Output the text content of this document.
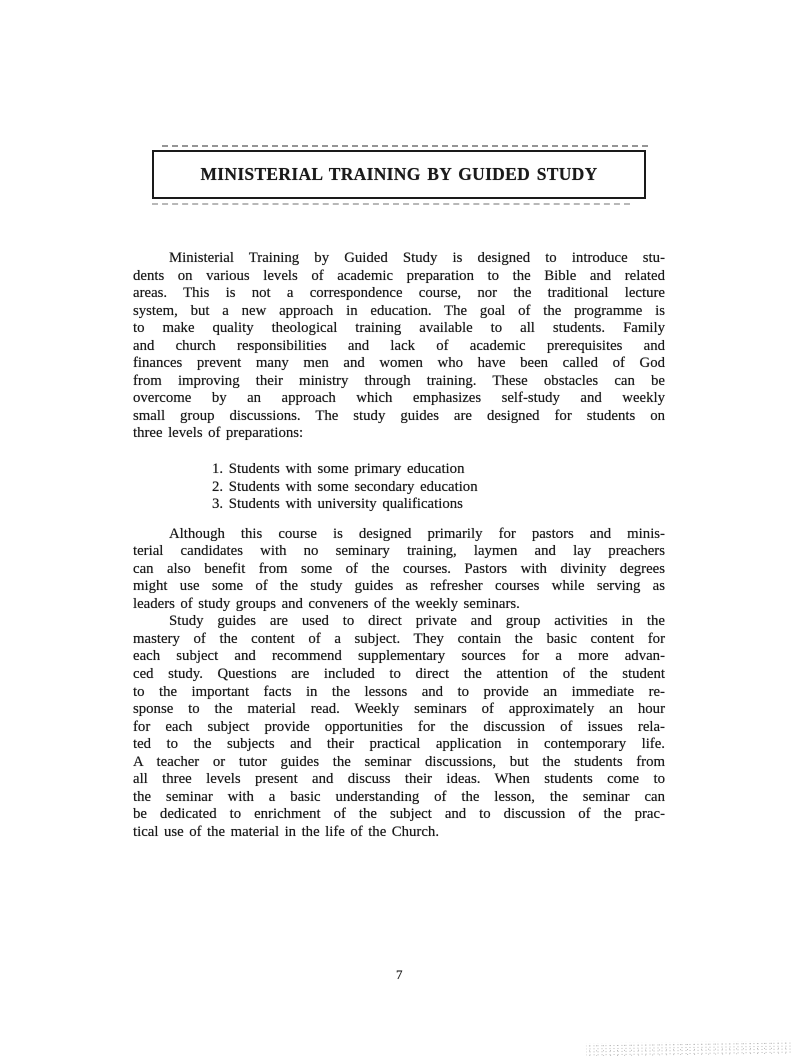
MINISTERIAL TRAINING BY GUIDED STUDY
Ministerial Training by Guided Study is designed to introduce stu-
dents on various levels of academic preparation to the Bible and related
areas. This is not a correspondence course, nor the traditional lecture
system, but a new approach in education. The goal of the programme is
to make quality theological training available to all students. Family
and church responsibilities and lack of academic prerequisites and
finances prevent many men and women who have been called of God
from improving their ministry through training. These obstacles can be
overcome by an approach which emphasizes self-study and weekly
small group discussions. The study guides are designed for students on
three levels of preparations:
1. Students with some primary education
2. Students with some secondary education
3. Students with university qualifications
Although this course is designed primarily for pastors and minis-
terial candidates with no seminary training, laymen and lay preachers
can also benefit from some of the courses. Pastors with divinity degrees
might use some of the study guides as refresher courses while serving as
leaders of study groups and conveners of the weekly seminars.
Study guides are used to direct private and group activities in the
mastery of the content of a subject. They contain the basic content for
each subject and recommend supplementary sources for a more advan-
ced study. Questions are included to direct the attention of the student
to the important facts in the lessons and to provide an immediate re-
sponse to the material read. Weekly seminars of approximately an hour
for each subject provide opportunities for the discussion of issues rela-
ted to the subjects and their practical application in contemporary life.
A teacher or tutor guides the seminar discussions, but the students from
all three levels present and discuss their ideas. When students come to
the seminar with a basic understanding of the lesson, the seminar can
be dedicated to enrichment of the subject and to discussion of the prac-
tical use of the material in the life of the Church.
7
